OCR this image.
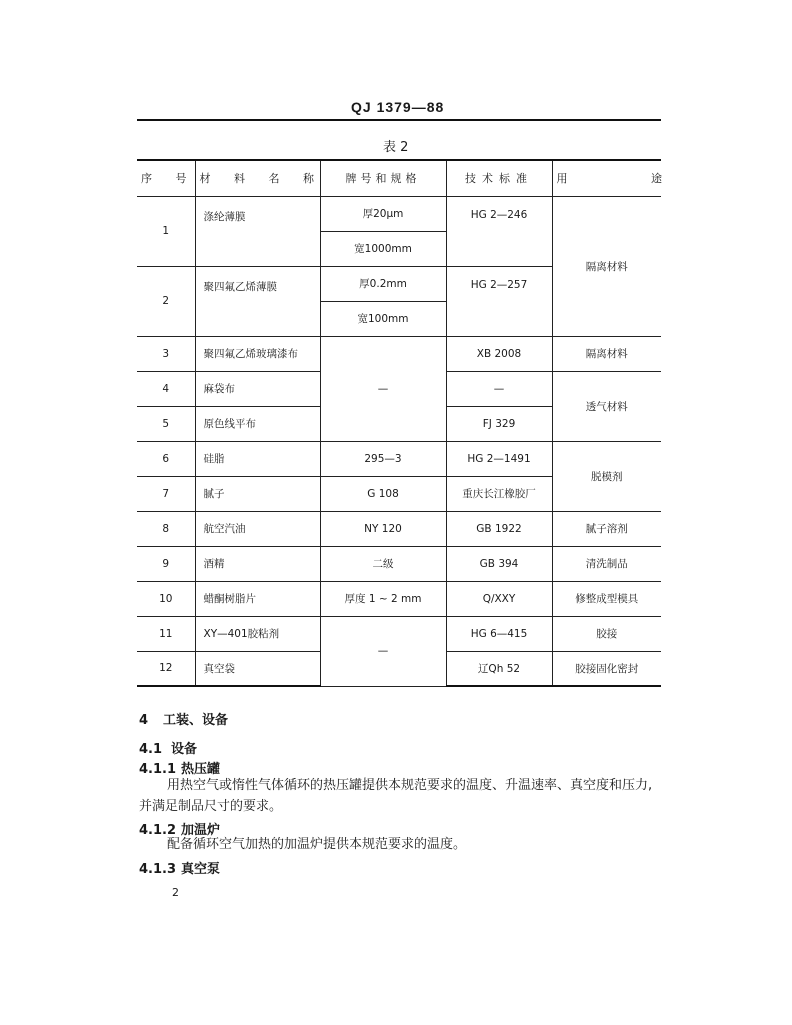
QJ 1379—88
表 2
序 号	材 料 名 称	牌号和规格	技术标准	用 途
1	涤纶薄膜	厚20μm	HG 2—246	隔离材料
		宽1000mm		
2	聚四氟乙烯薄膜	厚0.2mm	HG 2—257	
		宽100mm		
3	聚四氟乙烯玻璃漆布	—	XB 2008	隔离材料
4	麻袋布		—	透气材料
5	原色线平布		FJ 329	
6	硅脂	295—3	HG 2—1491	脱模剂
7	腻子	G 108	重庆长江橡胶厂	
8	航空汽油	NY 120	GB 1922	腻子溶剂
9	酒精	二级	GB 394	清洗制品
10	蜡酮树脂片	厚度 1 ~ 2 mm	Q/XXY	修整成型模具
11	XY—401胶粘剂	—	HG 6—415	胶接
12	真空袋		辽Qh 52	胶接固化密封
4 工装、设备
4.1 设备
4.1.1 热压罐
用热空气或惰性气体循环的热压罐提供本规范要求的温度、升温速率、真空度和压力,
并满足制品尺寸的要求。
4.1.2 加温炉
配备循环空气加热的加温炉提供本规范要求的温度。
4.1.3 真空泵
2
